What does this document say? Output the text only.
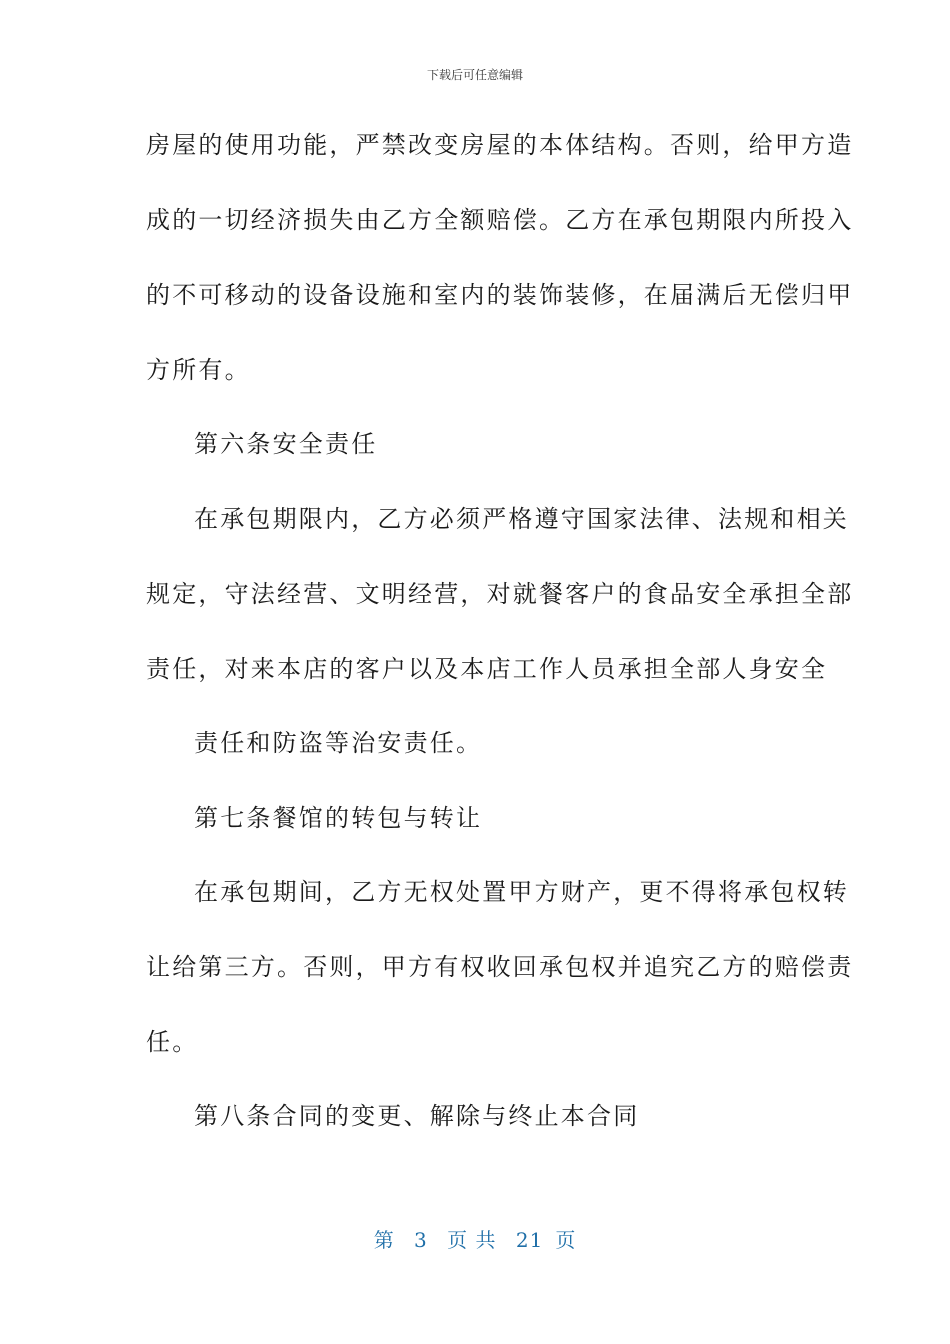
下载后可任意编辑
房屋的使用功能，严禁改变房屋的本体结构。否则，给甲方造
成的一切经济损失由乙方全额赔偿。乙方在承包期限内所投入
的不可移动的设备设施和室内的装饰装修，在届满后无偿归甲
方所有。
第六条安全责任
在承包期限内，乙方必须严格遵守国家法律、法规和相关
规定，守法经营、文明经营，对就餐客户的食品安全承担全部
责任，对来本店的客户以及本店工作人员承担全部人身安全
责任和防盗等治安责任。
第七条餐馆的转包与转让
在承包期间，乙方无权处置甲方财产，更不得将承包权转
让给第三方。否则，甲方有权收回承包权并追究乙方的赔偿责
任。
第八条合同的变更、解除与终止本合同
第 3 页 共 21 页
